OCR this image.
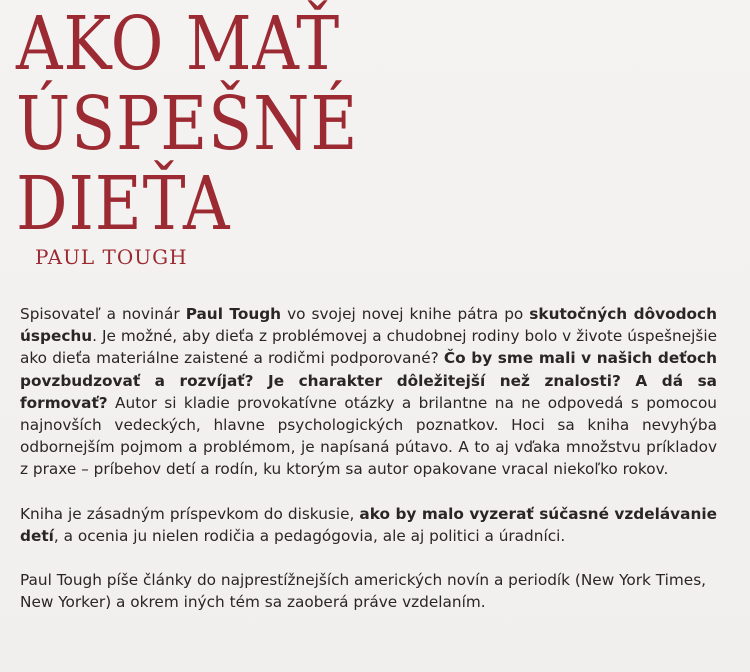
AKO MAŤ
ÚSPEŠNÉ
DIEŤA
PAUL TOUGH

Spisovateľ a novinár Paul Tough vo svojej novej knihe pátra po skutočných dôvodoch úspechu. Je možné, aby dieťa z problémovej a chudobnej rodiny bolo v živote úspešnejšie ako dieťa materiálne zaistené a rodičmi podporované? Čo by sme mali v našich deťoch povzbudzovať a rozvíjať? Je charakter dôležitejší než znalosti? A dá sa formovať? Autor si kladie provokatívne otázky a brilantne na ne odpovedá s pomocou najnovších vedeckých, hlavne psychologických poznatkov. Hoci sa kniha nevyhýba odbornejším pojmom a problémom, je napísaná pútavo. A to aj vďaka množstvu príkladov z praxe – príbehov detí a rodín, ku ktorým sa autor opakovane vracal niekoľko rokov.

Kniha je zásadným príspevkom do diskusie, ako by malo vyzerať súčasné vzdelávanie detí, a ocenia ju nielen rodičia a pedagógovia, ale aj politici a úradníci.

Paul Tough píše články do najprestížnejších amerických novín a periodík (New York Times, New Yorker) a okrem iných tém sa zaoberá práve vzdelaním.
